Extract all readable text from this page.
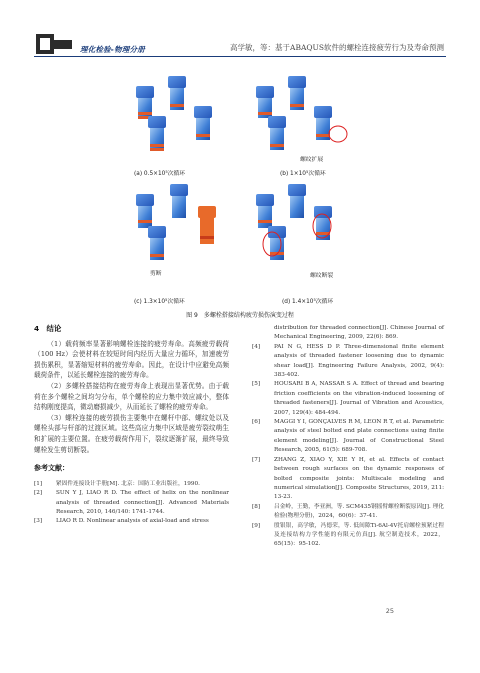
理化检验-物理分册	高学敏，等：基于ABAQUS软件的螺栓连接疲劳行为及寿命预测
螺纹扩展
(a) 0.5×10⁵次循环	(b) 1×10⁵次循环
剪断	螺纹断裂
(c) 1.3×10⁵次循环	(d) 1.4×10⁵次循环
图 9　多螺栓搭接结构疲劳损伤演变过程
4　结论

（1）载荷频率显著影响螺栓连接的疲劳寿命。高频疲劳载荷（100 Hz）会使材料在较短时间内经历大量应力循环，加速疲劳损伤累积，显著缩短材料的疲劳寿命。因此，在设计中应避免高频载荷条件，以延长螺栓连接的疲劳寿命。

（2）多螺栓搭接结构在疲劳寿命上表现出显著优势。由于载荷在多个螺栓之间均匀分布，单个螺栓的应力集中效应减小，整体结构刚度提高，微动磨损减少，从而延长了螺栓的疲劳寿命。

（3）螺栓连接的疲劳损伤主要集中在螺杆中部、螺纹处以及螺栓头部与杆部的过渡区域。这些高应力集中区域是疲劳裂纹萌生和扩展的主要位置。在疲劳载荷作用下，裂纹逐渐扩展，最终导致螺栓发生剪切断裂。

参考文献：
[1]	紧固件连接设计手册[M]. 北京：国防工业出版社，1990.
[2]	SUN Y J, LIAO R D. The effect of helix on the nonlinear analysis of threaded connection[J]. Advanced Materials Research, 2010, 146/140: 1741-1744.
[3]	LIAO R D. Nonlinear analysis of axial-load and stress
distribution for threaded connection[J]. Chinese Journal of Mechanical Engineering, 2009, 22(6): 869.
[4]	PAI N G, HESS D P. Three-dimensional finite element analysis of threaded fastener loosening due to dynamic shear load[J]. Engineering Failure Analysis, 2002, 9(4): 383-402.
[5]	HOUSARI B A, NASSAR S A. Effect of thread and bearing friction coefficients on the vibration-induced loosening of threaded fasteners[J]. Journal of Vibration and Acoustics, 2007, 129(4): 484-494.
[6]	MAGGI Y I, GONÇALVES R M, LEON R T, et al. Parametric analysis of steel bolted end plate connections using finite element modeling[J]. Journal of Constructional Steel Research, 2005, 61(5): 689-708.
[7]	ZHANG Z, XIAO Y, XIE Y H, et al. Effects of contact between rough surfaces on the dynamic responses of bolted composite joints: Multiscale modeling and numerical simulation[J]. Composite Structures, 2019, 211: 13-23.
[8]	吕金岭，王勤，李亚洲，等. SCM435钢摇臂螺栓断裂原因[J]. 理化检验(物理分册)，2024，60(6)：37-41.
[9]	殷银银，高学敏，冯德荣，等. 低间隙Ti-6Al-4V托肩螺栓预紧过程及连接结构力学性能的有限元仿真[J]. 航空制造技术，2022，65(15)：95-102.
25
